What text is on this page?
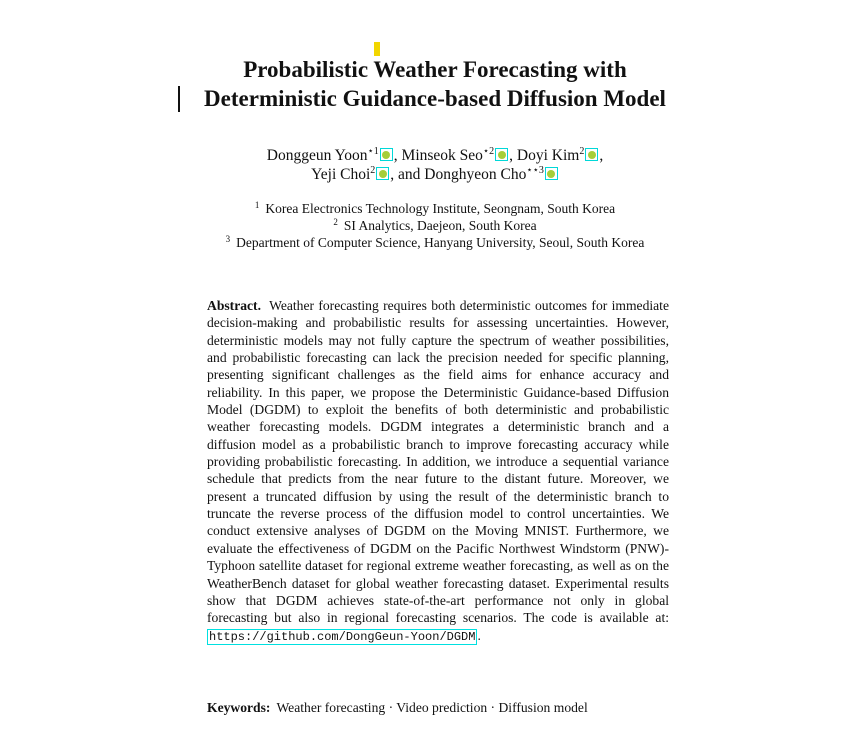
Probabilistic Weather Forecasting with
Deterministic Guidance-based Diffusion Model
Donggeun Yoon$^{⋆1}$ , Minseok Seo$^{⋆2}$ , Doyi Kim$^2$ ,
Yeji Choi$^2$ , and Donghyeon Cho$^{⋆⋆3}$
$^1$ Korea Electronics Technology Institute, Seongnam, South Korea
$^2$ SI Analytics, Daejeon, South Korea
$^3$ Department of Computer Science, Hanyang University, Seoul, South Korea
Abstract. Weather forecasting requires both deterministic outcomes for immediate decision-making and probabilistic results for assessing uncertainties. However, deterministic models may not fully capture the spectrum of weather possibilities, and probabilistic forecasting can lack the precision needed for specific planning, presenting significant challenges as the field aims for enhance accuracy and reliability. In this paper, we propose the Deterministic Guidance-based Diffusion Model (DGDM) to exploit the benefits of both deterministic and probabilistic weather forecasting models. DGDM integrates a deterministic branch and a diffusion model as a probabilistic branch to improve forecasting accuracy while providing probabilistic forecasting. In addition, we introduce a sequential variance schedule that predicts from the near future to the distant future. Moreover, we present a truncated diffusion by using the result of the deterministic branch to truncate the reverse process of the diffusion model to control uncertainties. We conduct extensive analyses of DGDM on the Moving MNIST. Furthermore, we evaluate the effectiveness of DGDM on the Pacific Northwest Windstorm (PNW)-Typhoon satellite dataset for regional extreme weather forecasting, as well as on the WeatherBench dataset for global weather forecasting dataset. Experimental results show that DGDM achieves state-of-the-art performance not only in global forecasting but also in regional forecasting scenarios. The code is available at: https://github.com/DongGeun-Yoon/DGDM .
Keywords: Weather forecasting · Video prediction · Diffusion model
